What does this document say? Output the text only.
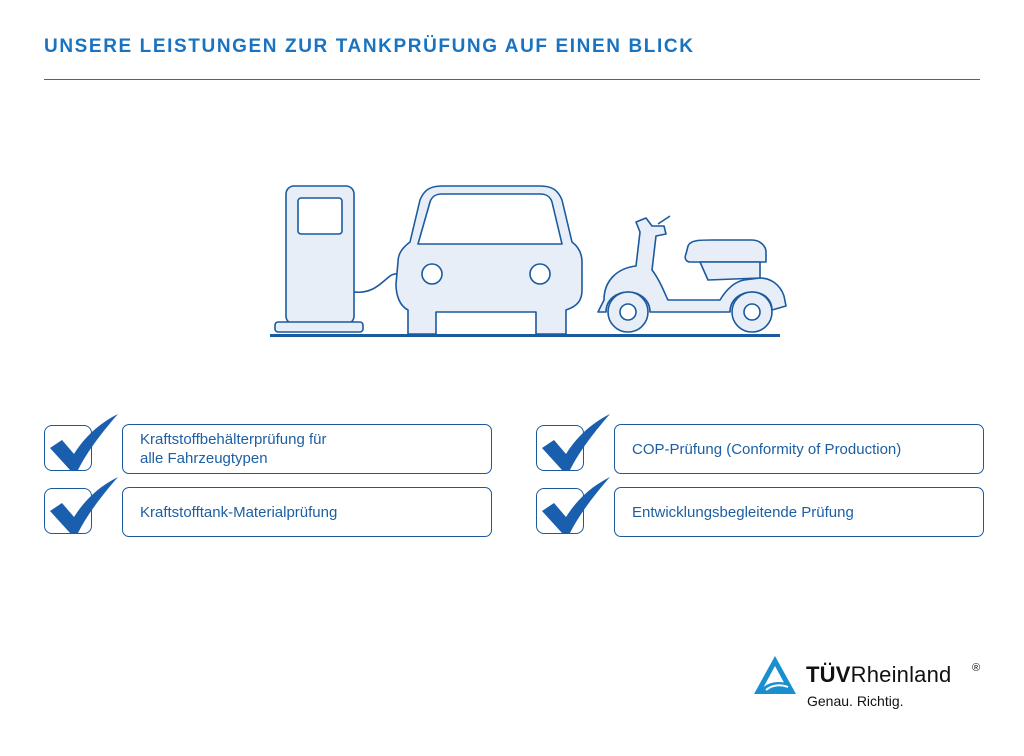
UNSERE LEISTUNGEN ZUR TANKPRÜFUNG AUF EINEN BLICK
Kraftstoffbehälterprüfung für
alle Fahrzeugtypen
Kraftstofftank-Materialprüfung
COP-Prüfung (Conformity of Production)
Entwicklungsbegleitende Prüfung
TÜVRheinland ®
Genau. Richtig.
